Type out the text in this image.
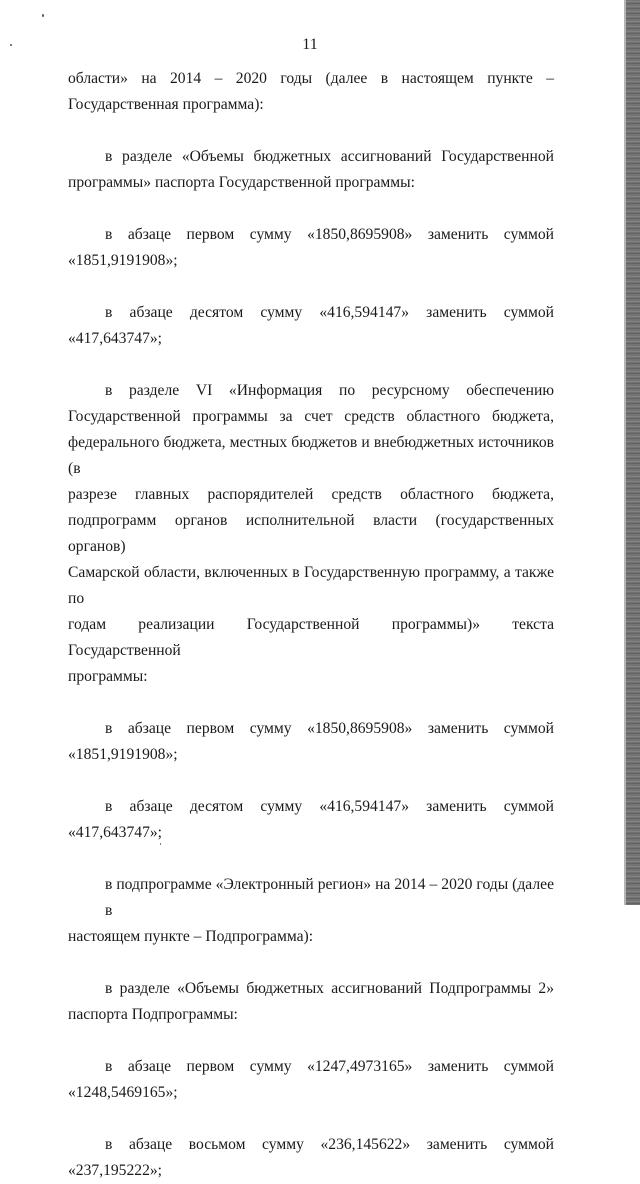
11

области» на 2014 – 2020 годы (далее в настоящем пункте –
Государственная программа):

в разделе «Объемы бюджетных ассигнований Государственной
программы» паспорта Государственной программы:

в абзаце первом сумму «1850,8695908» заменить суммой
«1851,9191908»;

в абзаце десятом сумму «416,594147» заменить суммой
«417,643747»;

в разделе VI «Информация по ресурсному обеспечению
Государственной программы за счет средств областного бюджета,
федерального бюджета, местных бюджетов и внебюджетных источников (в
разрезе главных распорядителей средств областного бюджета,
подпрограмм органов исполнительной власти (государственных органов)
Самарской области, включенных в Государственную программу, а также по
годам реализации Государственной программы)» текста Государственной
программы:

в абзаце первом сумму «1850,8695908» заменить суммой
«1851,9191908»;

в абзаце десятом сумму «416,594147» заменить суммой
«417,643747»;

в подпрограмме «Электронный регион» на 2014 – 2020 годы (далее в
настоящем пункте – Подпрограмма):

в разделе «Объемы бюджетных ассигнований Подпрограммы 2»
паспорта Подпрограммы:

в абзаце первом сумму «1247,4973165» заменить суммой
«1248,5469165»;

в абзаце восьмом сумму «236,145622» заменить суммой
«237,195222»;
